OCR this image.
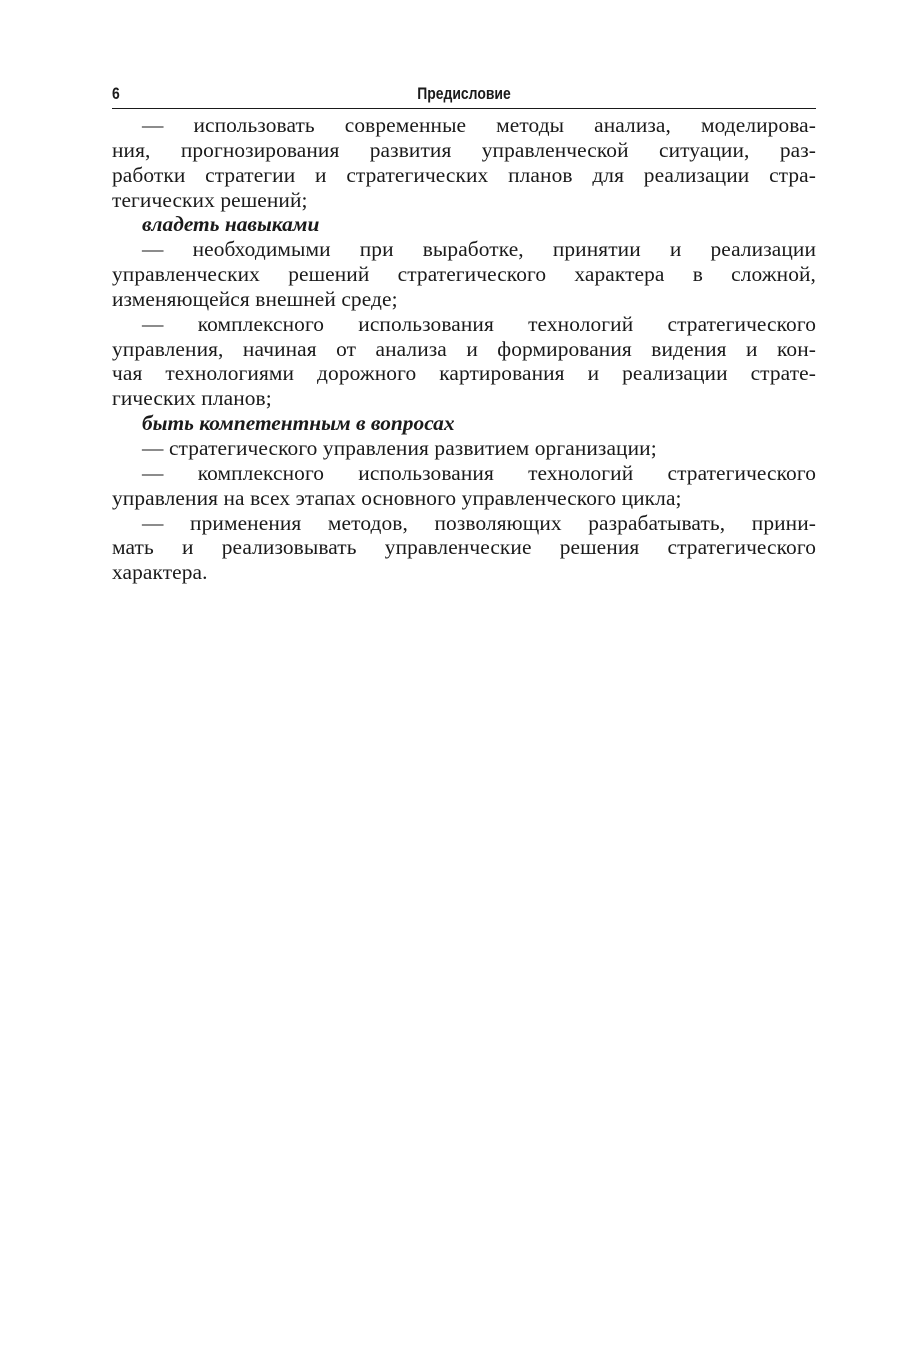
6	Предисловие
— использовать современные методы анализа, моделирова-
ния, прогнозирования развития управленческой ситуации, раз-
работки стратегии и стратегических планов для реализации стра-
тегических решений;
владеть навыками
— необходимыми при выработке, принятии и реализации
управленческих решений стратегического характера в сложной,
изменяющейся внешней среде;
— комплексного использования технологий стратегического
управления, начиная от анализа и формирования видения и кон-
чая технологиями дорожного картирования и реализации страте-
гических планов;
быть компетентным в вопросах
— стратегического управления развитием организации;
— комплексного использования технологий стратегического
управления на всех этапах основного управленческого цикла;
— применения методов, позволяющих разрабатывать, прини-
мать и реализовывать управленческие решения стратегического
характера.
